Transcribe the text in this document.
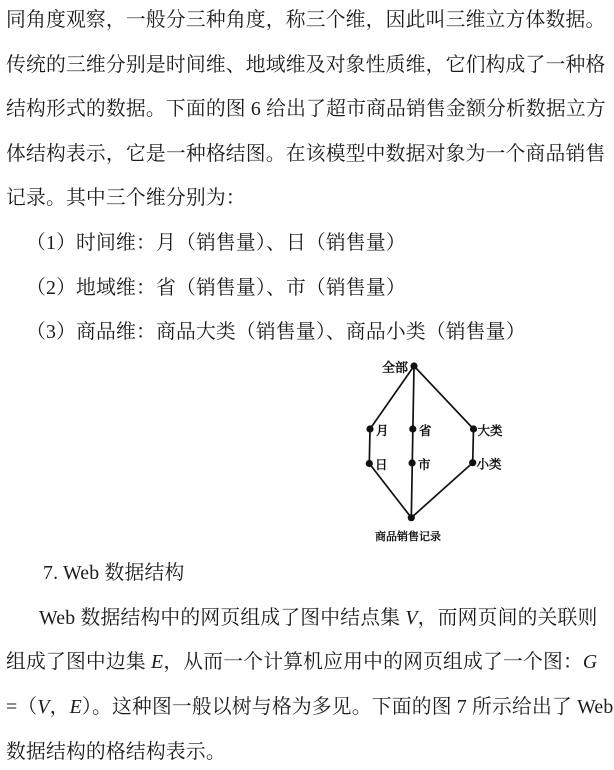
同角度观察，一般分三种角度，称三个维，因此叫三维立方体数据。
传统的三维分别是时间维、地域维及对象性质维，它们构成了一种格
结构形式的数据。下面的图 6 给出了超市商品销售金额分析数据立方
体结构表示，它是一种格结图。在该模型中数据对象为一个商品销售
记录。其中三个维分别为：
（1）时间维：月（销售量）、日（销售量）
（2）地域维：省（销售量）、市（销售量）
（3）商品维：商品大类（销售量）、商品小类（销售量）
全部
月 省	大类
日 市	小类
商品销售记录
7. Web 数据结构
Web 数据结构中的网页组成了图中结点集 V，而网页间的关联则
组成了图中边集 E，从而一个计算机应用中的网页组成了一个图：G
=（V，E）。这种图一般以树与格为多见。下面的图 7 所示给出了 Web
数据结构的格结构表示。
